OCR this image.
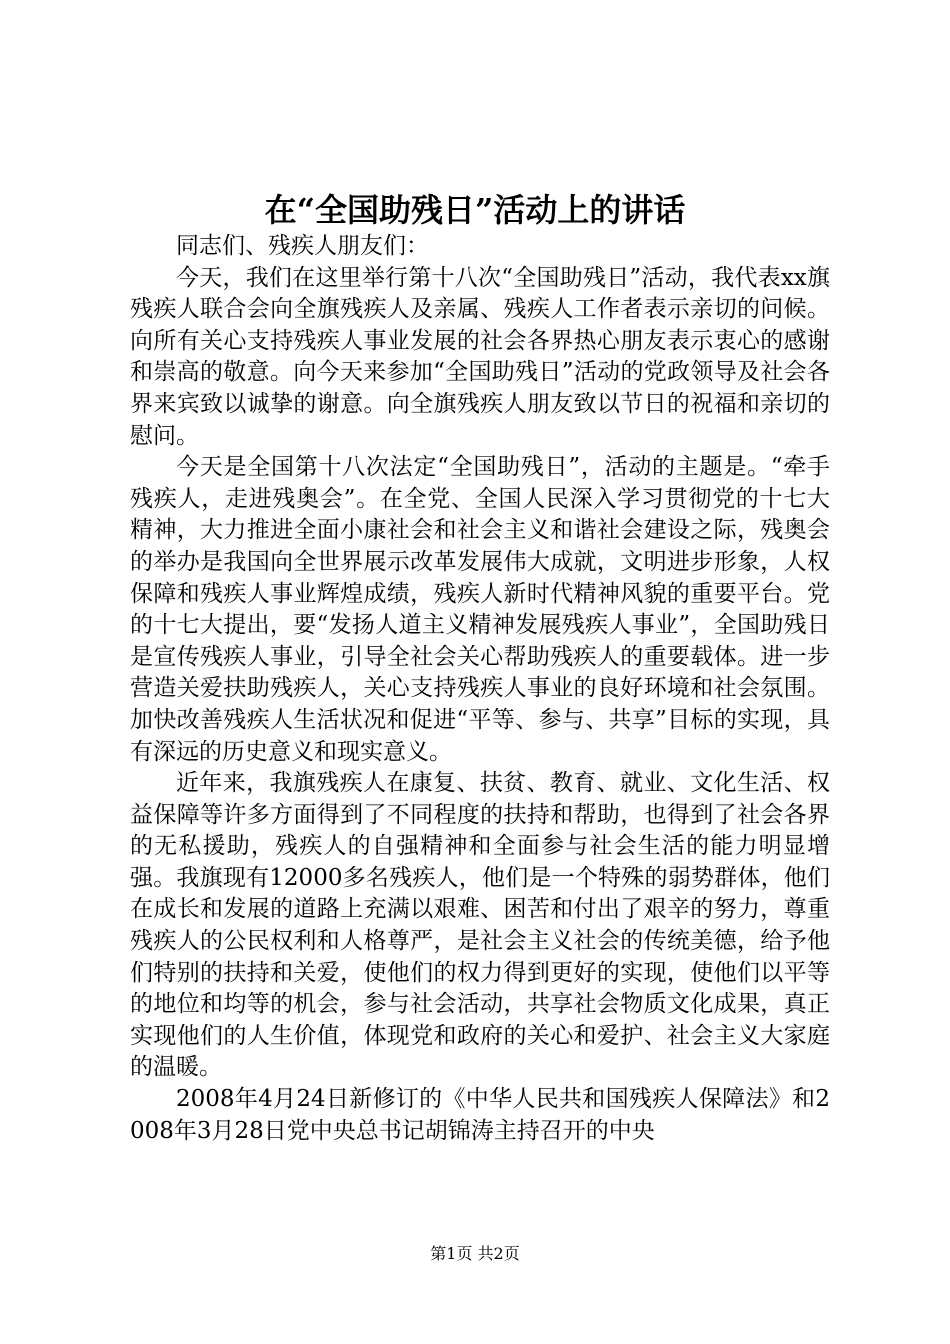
在“全国助残日”活动上的讲话

同志们、残疾人朋友们：

今天，我们在这里举行第十八次“全国助残日”活动，我代表xx旗残疾人联合会向全旗残疾人及亲属、残疾人工作者表示亲切的问候。向所有关心支持残疾人事业发展的社会各界热心朋友表示衷心的感谢和崇高的敬意。向今天来参加“全国助残日”活动的党政领导及社会各界来宾致以诚挚的谢意。向全旗残疾人朋友致以节日的祝福和亲切的慰问。

今天是全国第十八次法定“全国助残日”，活动的主题是。“牵手残疾人，走进残奥会”。在全党、全国人民深入学习贯彻党的十七大精神，大力推进全面小康社会和社会主义和谐社会建设之际，残奥会的举办是我国向全世界展示改革发展伟大成就，文明进步形象，人权保障和残疾人事业辉煌成绩，残疾人新时代精神风貌的重要平台。党的十七大提出，要“发扬人道主义精神发展残疾人事业”，全国助残日是宣传残疾人事业，引导全社会关心帮助残疾人的重要载体。进一步营造关爱扶助残疾人，关心支持残疾人事业的良好环境和社会氛围。加快改善残疾人生活状况和促进“平等、参与、共享”目标的实现，具有深远的历史意义和现实意义。

近年来，我旗残疾人在康复、扶贫、教育、就业、文化生活、权益保障等许多方面得到了不同程度的扶持和帮助，也得到了社会各界的无私援助，残疾人的自强精神和全面参与社会生活的能力明显增强。我旗现有12000多名残疾人，他们是一个特殊的弱势群体，他们在成长和发展的道路上充满以艰难、困苦和付出了艰辛的努力，尊重残疾人的公民权利和人格尊严，是社会主义社会的传统美德，给予他们特别的扶持和关爱，使他们的权力得到更好的实现，使他们以平等的地位和均等的机会，参与社会活动，共享社会物质文化成果，真正实现他们的人生价值，体现党和政府的关心和爱护、社会主义大家庭的温暖。

2008年4月24日新修订的《中华人民共和国残疾人保障法》和2008年3月28日党中央总书记胡锦涛主持召开的中央

第1页 共2页
